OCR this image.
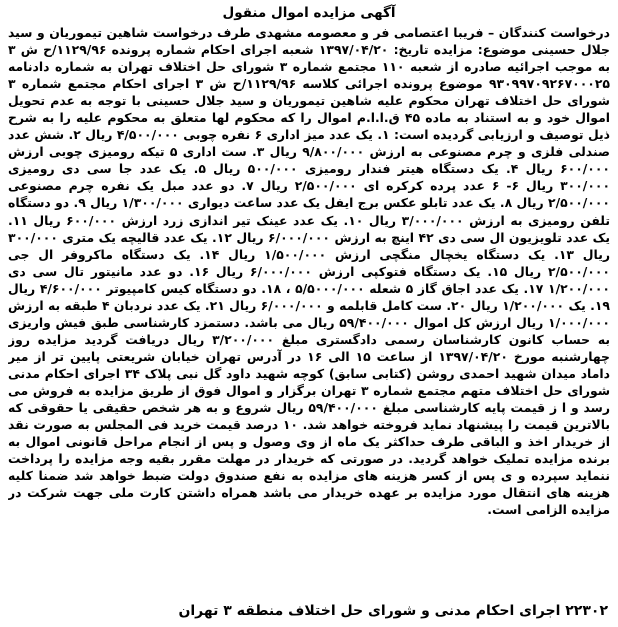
آگهی مزایده اموال منقول

درخواست کنندگان – فریبا اعتصامی فر و معصومه مشهدی طرف درخواست شاهین تیموریان و سید جلال حسینی موضوع: مزایده تاریخ: ۱۳۹۷/۰۴/۲۰ شعبه اجرای احکام شماره پرونده ۱۱۲۹/۹۶/ح ش ۳ به موجب اجرائیه صادره از شعبه ۱۱۰ مجتمع شماره ۳ شورای حل اختلاف تهران به شماره دادنامه ۹۳۰۹۹۷۰۹۲۶۷۰۰۰۲۵ موضوع پرونده اجرائی کلاسه ۱۱۲۹/۹۶/ح ش ۳ اجرای احکام مجتمع شماره ۳ شورای حل اختلاف تهران محکوم علیه شاهین تیموریان و سید جلال حسینی با توجه به عدم تحویل اموال خود و به استناد به ماده ۴۵ ق.ا.ا.م اموال را که محکوم لها متعلق به محکوم علیه را به شرح ذیل توصیف و ارزیابی گردیده است: ۱. یک عدد میز اداری ۶ نفره چوبی ۴/۵۰۰/۰۰۰ ریال ۲. شش عدد صندلی فلزی و چرم مصنوعی به ارزش ۹/۸۰۰/۰۰۰ ریال ۳. ست اداری ۵ تیکه رومیزی چوبی ارزش ۶۰۰/۰۰۰ ریال ۴. یک دستگاه هیتر فندار رومیزی ۵۰۰/۰۰۰ ریال ۵. یک عدد جا سی دی رومیزی ۳۰۰/۰۰۰ ریال ۶- ۶ عدد پرده کرکره ای ۲/۵۰۰/۰۰۰ ریال ۷. دو عدد مبل یک نفره چرم مصنوعی ۲/۵۰۰/۰۰۰ ریال ۸. یک عدد تابلو عکس برج ایفل یک عدد ساعت دیواری ۱/۳۰۰/۰۰۰ ریال ۹. دو دستگاه تلفن رومیزی به ارزش ۳/۰۰۰/۰۰۰ ریال ۱۰. یک عدد عینک تیر اندازی زرد ارزش ۶۰۰/۰۰۰ ریال ۱۱. یک عدد تلویزیون ال سی دی ۴۲ اینچ به ارزش ۶/۰۰۰/۰۰۰ ریال ۱۲. یک عدد قالیچه یک متری ۳۰۰/۰۰۰ ریال ۱۳. یک دستگاه یخچال منگچی ارزش ۱/۵۰۰/۰۰۰ ریال ۱۴. یک دستگاه ماکروفر ال جی ۲/۵۰۰/۰۰۰ ریال ۱۵. یک دستگاه فتوکپی ارزش ۶/۰۰۰/۰۰۰ ریال ۱۶. دو عدد مانیتور تال سی دی ۱/۲۰۰/۰۰۰ ۱۷. یک عدد اجاق گاز ۵ شعله ۵/۵۰۰۰/۰۰۰ ، ۱۸. دو دستگاه کیس کامپیوتر ۴/۶۰۰/۰۰۰ ریال ۱۹. یک ۱/۲۰۰/۰۰۰ ریال ۲۰. ست کامل قابلمه و ۶/۰۰۰/۰۰۰ ریال ۲۱. یک عدد نردبان ۴ طبقه به ارزش ۱/۰۰۰/۰۰۰ ریال ارزش کل اموال ۵۹/۴۰۰/۰۰۰ ریال می باشد. دستمزد کارشناسی طبق فیش واریزی به حساب کانون کارشناسان رسمی دادگستری مبلغ ۳/۲۰۰/۰۰۰ ریال دریافت گردید مزایده روز چهارشنبه مورخ ۱۳۹۷/۰۴/۲۰ از ساعت ۱۵ الی ۱۶ در آدرس تهران خیابان شریعتی پایین تر از میر داماد میدان شهید احمدی روشن (کتابی سابق) کوچه شهید داود گل نبی پلاک ۳۴ اجرای احکام مدنی شورای حل اختلاف متهم مجتمع شماره ۳ تهران برگزار و اموال فوق از طریق مزایده به فروش می رسد و ا ز قیمت پایه کارشناسی مبلغ ۵۹/۴۰۰/۰۰۰ ریال شروع و به هر شخص حقیقی یا حقوقی که بالاترین قیمت را پیشنهاد نماید فروخته خواهد شد. ۱۰ درصد قیمت خرید فی المجلس به صورت نقد از خریدار اخذ و الباقی طرف حداکثر یک ماه از وی وصول و پس از انجام مراحل قانونی اموال به برنده مزایده تملیک خواهد گردید. در صورتی که خریدار در مهلت مقرر بقیه وجه مزایده را پرداخت ننماید سپرده و ی پس از کسر هزینه های مزایده به نفع صندوق دولت ضبط خواهد شد ضمنا کلیه هزینه های انتقال مورد مزایده بر عهده خریدار می باشد همراه داشتن کارت ملی جهت شرکت در مزایده الزامی است.

۲۲۳۰۲ اجرای احکام مدنی و شورای حل اختلاف منطقه ۳ تهران
